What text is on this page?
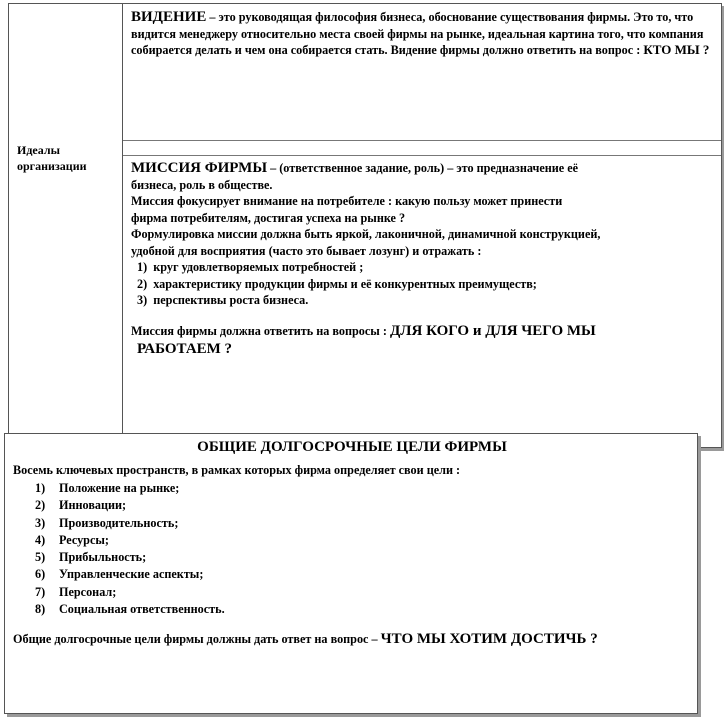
Идеалы
организации
ВИДЕНИЕ – это руководящая философия бизнеса, обоснование существования фирмы. Это то, что видится менеджеру относительно места своей фирмы на рынке, идеальная картина того, что компания собирается делать и чем она собирается стать. Видение фирмы должно ответить на вопрос : КТО МЫ ?
МИССИЯ ФИРМЫ – (ответственное задание, роль) – это предназначение её
бизнеса, роль в обществе.
Миссия фокусирует внимание на потребителе : какую пользу может принести
фирма потребителям, достигая успеха на рынке ?
Формулировка миссии должна быть яркой, лаконичной, динамичной конструкцией,
удобной для восприятия (часто это бывает лозунг) и отражать :
1) круг удовлетворяемых потребностей ;
2) характеристику продукции фирмы и её конкурентных преимуществ;
3) перспективы роста бизнеса.
Миссия фирмы должна ответить на вопросы : ДЛЯ КОГО и ДЛЯ ЧЕГО МЫ
РАБОТАЕМ ?
ОБЩИЕ ДОЛГОСРОЧНЫЕ ЦЕЛИ ФИРМЫ
Восемь ключевых пространств, в рамках которых фирма определяет свои цели :
1) Положение на рынке;
2) Инновации;
3) Производительность;
4) Ресурсы;
5) Прибыльность;
6) Управленческие аспекты;
7) Персонал;
8) Социальная ответственность.
Общие долгосрочные цели фирмы должны дать ответ на вопрос – ЧТО МЫ ХОТИМ ДОСТИЧЬ ?
